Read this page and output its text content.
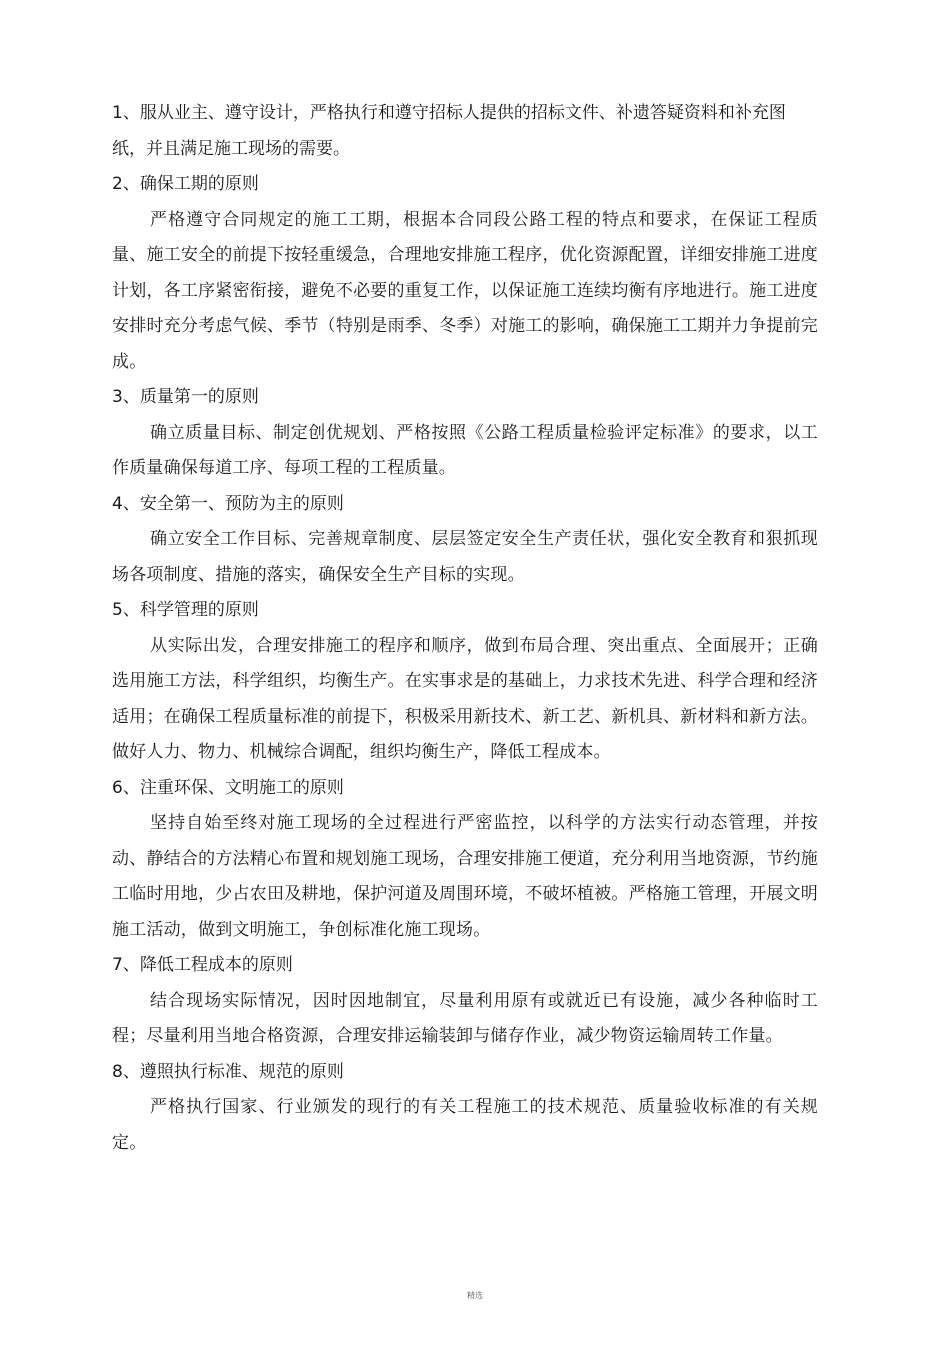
1、服从业主、遵守设计，严格执行和遵守招标人提供的招标文件、补遗答疑资料和补充图纸，并且满足施工现场的需要。

2、确保工期的原则

严格遵守合同规定的施工工期，根据本合同段公路工程的特点和要求，在保证工程质量、施工安全的前提下按轻重缓急，合理地安排施工程序，优化资源配置，详细安排施工进度计划，各工序紧密衔接，避免不必要的重复工作，以保证施工连续均衡有序地进行。施工进度安排时充分考虑气候、季节（特别是雨季、冬季）对施工的影响，确保施工工期并力争提前完成。

3、质量第一的原则

确立质量目标、制定创优规划、严格按照《公路工程质量检验评定标准》的要求，以工作质量确保每道工序、每项工程的工程质量。

4、安全第一、预防为主的原则

确立安全工作目标、完善规章制度、层层签定安全生产责任状，强化安全教育和狠抓现场各项制度、措施的落实，确保安全生产目标的实现。

5、科学管理的原则

从实际出发，合理安排施工的程序和顺序，做到布局合理、突出重点、全面展开；正确选用施工方法，科学组织，均衡生产。在实事求是的基础上，力求技术先进、科学合理和经济适用；在确保工程质量标准的前提下，积极采用新技术、新工艺、新机具、新材料和新方法。做好人力、物力、机械综合调配，组织均衡生产，降低工程成本。

6、注重环保、文明施工的原则

坚持自始至终对施工现场的全过程进行严密监控，以科学的方法实行动态管理，并按动、静结合的方法精心布置和规划施工现场，合理安排施工便道，充分利用当地资源，节约施工临时用地，少占农田及耕地，保护河道及周围环境，不破坏植被。严格施工管理，开展文明施工活动，做到文明施工，争创标准化施工现场。

7、降低工程成本的原则

结合现场实际情况，因时因地制宜，尽量利用原有或就近已有设施，减少各种临时工程；尽量利用当地合格资源，合理安排运输装卸与储存作业，减少物资运输周转工作量。

8、遵照执行标准、规范的原则

严格执行国家、行业颁发的现行的有关工程施工的技术规范、质量验收标准的有关规定。

精选
